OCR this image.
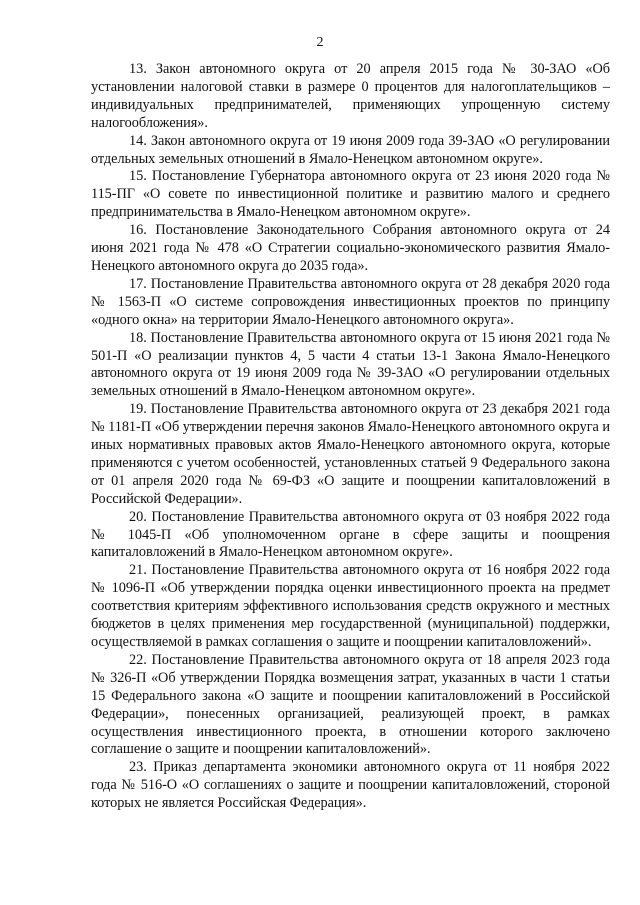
2

13. Закон автономного округа от 20 апреля 2015 года № 30-ЗАО «Об установлении налоговой ставки в размере 0 процентов для налогоплательщиков – индивидуальных предпринимателей, применяющих упрощенную систему налогообложения».

14. Закон автономного округа от 19 июня 2009 года 39-ЗАО «О регулировании отдельных земельных отношений в Ямало-Ненецком автономном округе».

15. Постановление Губернатора автономного округа от 23 июня 2020 года № 115-ПГ «О совете по инвестиционной политике и развитию малого и среднего предпринимательства в Ямало-Ненецком автономном округе».

16. Постановление Законодательного Собрания автономного округа от 24 июня 2021 года № 478 «О Стратегии социально-экономического развития Ямало-Ненецкого автономного округа до 2035 года».

17. Постановление Правительства автономного округа от 28 декабря 2020 года № 1563-П «О системе сопровождения инвестиционных проектов по принципу «одного окна» на территории Ямало-Ненецкого автономного округа».

18. Постановление Правительства автономного округа от 15 июня 2021 года № 501-П «О реализации пунктов 4, 5 части 4 статьи 13-1 Закона Ямало-Ненецкого автономного округа от 19 июня 2009 года № 39-ЗАО «О регулировании отдельных земельных отношений в Ямало-Ненецком автономном округе».

19. Постановление Правительства автономного округа от 23 декабря 2021 года № 1181-П «Об утверждении перечня законов Ямало-Ненецкого автономного округа и иных нормативных правовых актов Ямало-Ненецкого автономного округа, которые применяются с учетом особенностей, установленных статьей 9 Федерального закона от 01 апреля 2020 года № 69-ФЗ «О защите и поощрении капиталовложений в Российской Федерации».

20. Постановление Правительства автономного округа от 03 ноября 2022 года № 1045-П «Об уполномоченном органе в сфере защиты и поощрения капиталовложений в Ямало-Ненецком автономном округе».

21. Постановление Правительства автономного округа от 16 ноября 2022 года № 1096-П «Об утверждении порядка оценки инвестиционного проекта на предмет соответствия критериям эффективного использования средств окружного и местных бюджетов в целях применения мер государственной (муниципальной) поддержки, осуществляемой в рамках соглашения о защите и поощрении капиталовложений».

22. Постановление Правительства автономного округа от 18 апреля 2023 года № 326-П «Об утверждении Порядка возмещения затрат, указанных в части 1 статьи 15 Федерального закона «О защите и поощрении капиталовложений в Российской Федерации», понесенных организацией, реализующей проект, в рамках осуществления инвестиционного проекта, в отношении которого заключено соглашение о защите и поощрении капиталовложений».

23. Приказ департамента экономики автономного округа от 11 ноября 2022 года № 516-О «О соглашениях о защите и поощрении капиталовложений, стороной которых не является Российская Федерация».
